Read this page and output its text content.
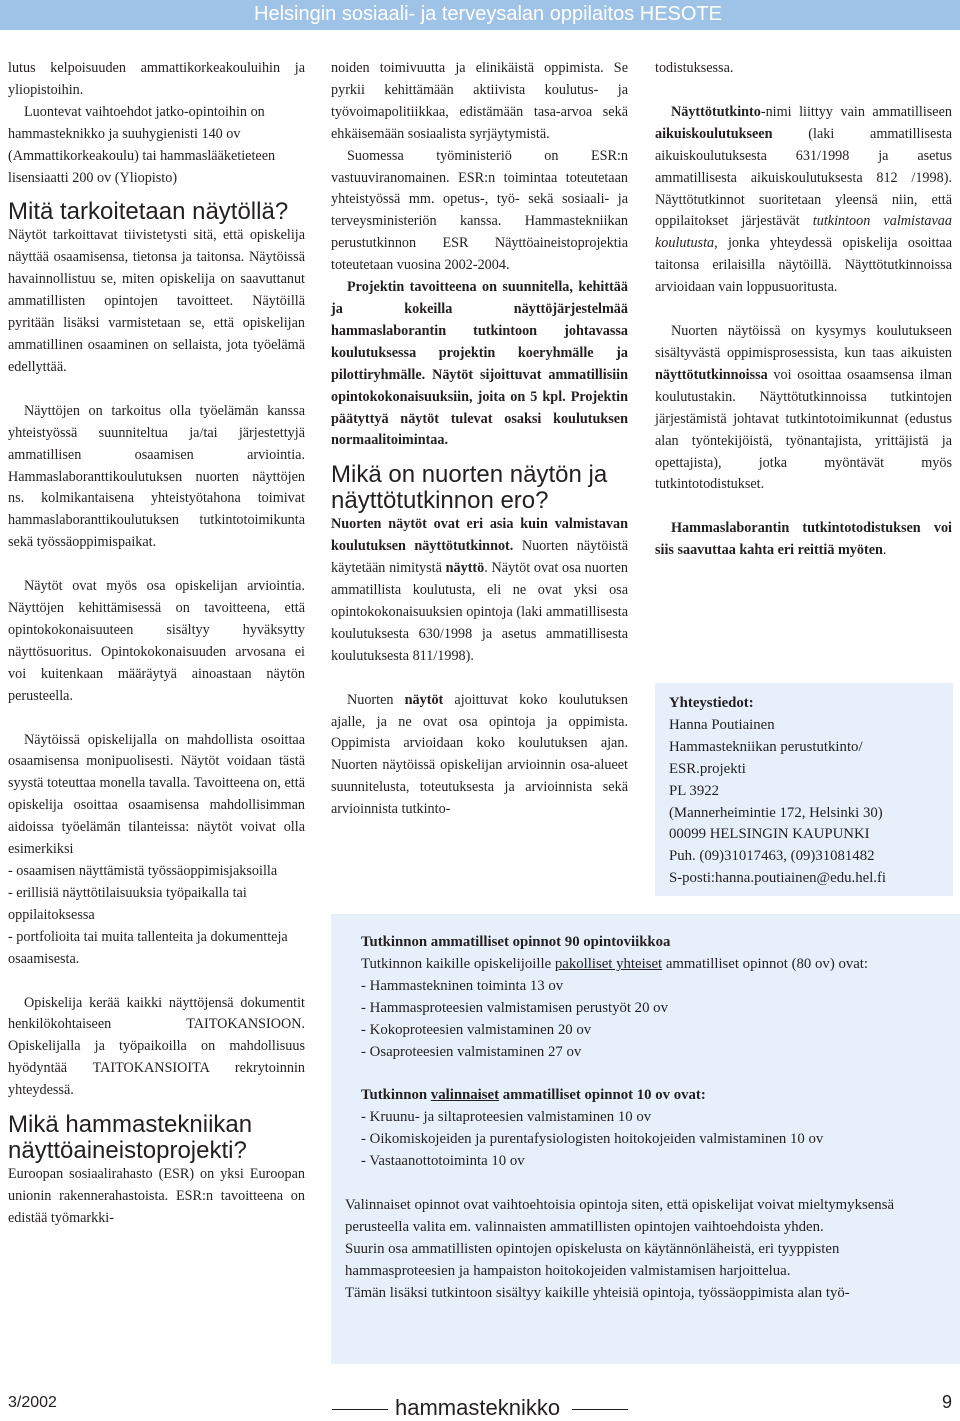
Helsingin sosiaali- ja terveysalan oppilaitos HESOTE

lutus kelpoisuuden ammattikorkeakouluihin ja yliopistoihin.

Luontevat vaihtoehdot jatko-opintoihin on hammasteknikko ja suuhygienisti 140 ov (Ammattikorkeakoulu) tai hammaslääketieteen lisensiaatti 200 ov (Yliopisto)

Mitä tarkoitetaan näytöllä?

Näytöt tarkoittavat tiivistetysti sitä, että opiskelija näyttää osaamisensa, tietonsa ja taitonsa. Näytöissä havainnollistuu se, miten opiskelija on saavuttanut ammatillisten opintojen tavoitteet. Näytöillä pyritään lisäksi varmistetaan se, että opiskelijan ammatillinen osaaminen on sellaista, jota työelämä edellyttää.

Näyttöjen on tarkoitus olla työelämän kanssa yhteistyössä suunniteltua ja/tai järjestettyjä ammatillisen osaamisen arviointia. Hammaslaboranttikoulutuksen nuorten näyttöjen ns. kolmikantaisena yhteistyötahona toimivat hammaslaboranttikoulutuksen tutkintotoimikunta sekä työssäoppimispaikat.

Näytöt ovat myös osa opiskelijan arviointia. Näyttöjen kehittämisessä on tavoitteena, että opintokokonaisuuteen sisältyy hyväksytty näyttösuoritus. Opintokokonaisuuden arvosana ei voi kuitenkaan määräytyä ainoastaan näytön perusteella.

Näytöissä opiskelijalla on mahdollista osoittaa osaamisensa monipuolisesti. Näytöt voidaan tästä syystä toteuttaa monella tavalla. Tavoitteena on, että opiskelija osoittaa osaamisensa mahdollisimman aidoissa työelämän tilanteissa: näytöt voivat olla esimerkiksi

- osaamisen näyttämistä työssäoppimisjaksoilla

- erillisiä näyttötilaisuuksia työpaikalla tai oppilaitoksessa

- portfolioita tai muita tallenteita ja dokumentteja osaamisesta.

Opiskelija kerää kaikki näyttöjensä dokumentit henkilökohtaiseen TAITOKANSIOON. Opiskelijalla ja työpaikoilla on mahdollisuus hyödyntää TAITOKANSIOITA rekrytoinnin yhteydessä.

Mikä hammastekniikan näyttöaineistoprojekti?

Euroopan sosiaalirahasto (ESR) on yksi Euroopan unionin rakennerahastoista. ESR:n tavoitteena on edistää työmarkki-

noiden toimivuutta ja elinikäistä oppimista. Se pyrkii kehittämään aktiivista koulutus- ja työvoimapolitiikkaa, edistämään tasa-arvoa sekä ehkäisemään sosiaalista syrjäytymistä.

Suomessa työministeriö on ESR:n vastuuviranomainen. ESR:n toimintaa toteutetaan yhteistyössä mm. opetus-, työ- sekä sosiaali- ja terveysministeriön kanssa. Hammastekniikan perustutkinnon ESR Näyttöaineistoprojektia toteutetaan vuosina 2002-2004.

Projektin tavoitteena on suunnitella, kehittää ja kokeilla näyttöjärjestelmää hammaslaborantin tutkintoon johtavassa koulutuksessa projektin koeryhmälle ja pilottiryhmälle. Näytöt sijoittuvat ammatillisiin opintokokonaisuuksiin, joita on 5 kpl. Projektin päätyttyä näytöt tulevat osaksi koulutuksen normaalitoimintaa.

Mikä on nuorten näytön ja näyttötutkinnon ero?

Nuorten näytöt ovat eri asia kuin valmistavan koulutuksen näyttötutkinnot. Nuorten näytöistä käytetään nimitystä näyttö. Näytöt ovat osa nuorten ammatillista koulutusta, eli ne ovat yksi osa opintokokonaisuuksien opintoja (laki ammatillisesta koulutuksesta 630/1998 ja asetus ammatillisesta koulutuksesta 811/1998).

Nuorten näytöt ajoittuvat koko koulutuksen ajalle, ja ne ovat osa opintoja ja oppimista. Oppimista arvioidaan koko koulutuksen ajan. Nuorten näytöissä opiskelijan arvioinnin osa-alueet suunnitelusta, toteutuksesta ja arvioinnista sekä arvioinnista tutkinto-

todistuksessa.

Näyttötutkinto-nimi liittyy vain ammatilliseen aikuiskoulutukseen (laki ammatillisesta aikuiskoulutuksesta 631/1998 ja asetus ammatillisesta aikuiskoulutuksesta 812 /1998). Näyttötutkinnot suoritetaan yleensä niin, että oppilaitokset järjestävät tutkintoon valmistavaa koulutusta, jonka yhteydessä opiskelija osoittaa taitonsa erilaisilla näytöillä. Näyttötutkinnoissa arvioidaan vain loppusuoritusta.

Nuorten näytöissä on kysymys koulutukseen sisältyvästä oppimisprosessista, kun taas aikuisten näyttötutkinnoissa voi osoittaa osaamsensa ilman koulutustakin. Näyttötutkinnoissa tutkintojen järjestämistä johtavat tutkintotoimikunnat (edustus alan työntekijöistä, työnantajista, yrittäjistä ja opettajista), jotka myöntävät myös tutkintotodistukset.

Hammaslaborantin tutkintotodistuksen voi siis saavuttaa kahta eri reittiä myöten.

Yhteystiedot:
Hanna Poutiainen
Hammastekniikan perustutkinto/
ESR.projekti
PL 3922
(Mannerheimintie 172, Helsinki 30)
00099 HELSINGIN KAUPUNKI
Puh. (09)31017463, (09)31081482
S-posti:hanna.poutiainen@edu.hel.fi

Tutkinnon ammatilliset opinnot 90 opintoviikkoa

Tutkinnon kaikille opiskelijoille pakolliset yhteiset ammatilliset opinnot (80 ov) ovat:

- Hammastekninen toiminta 13 ov

- Hammasproteesien valmistamisen perustyöt 20 ov

- Kokoproteesien valmistaminen 20 ov

- Osaproteesien valmistaminen 27 ov

Tutkinnon valinnaiset ammatilliset opinnot 10 ov ovat:

- Kruunu- ja siltaproteesien valmistaminen 10 ov

- Oikomiskojeiden ja purentafysiologisten hoitokojeiden valmistaminen 10 ov

- Vastaanottotoiminta 10 ov

Valinnaiset opinnot ovat vaihtoehtoisia opintoja siten, että opiskelijat voivat mieltymyksensä perusteella valita em. valinnaisten ammatillisten opintojen vaihtoehdoista yhden.

Suurin osa ammatillisten opintojen opiskelusta on käytännönläheistä, eri tyyppisten hammasproteesien ja hampaiston hoitokojeiden valmistamisen harjoittelua.

Tämän lisäksi tutkintoon sisältyy kaikille yhteisiä opintoja, työssäoppimista alan työ-

3/2002	hammasteknikko	9
